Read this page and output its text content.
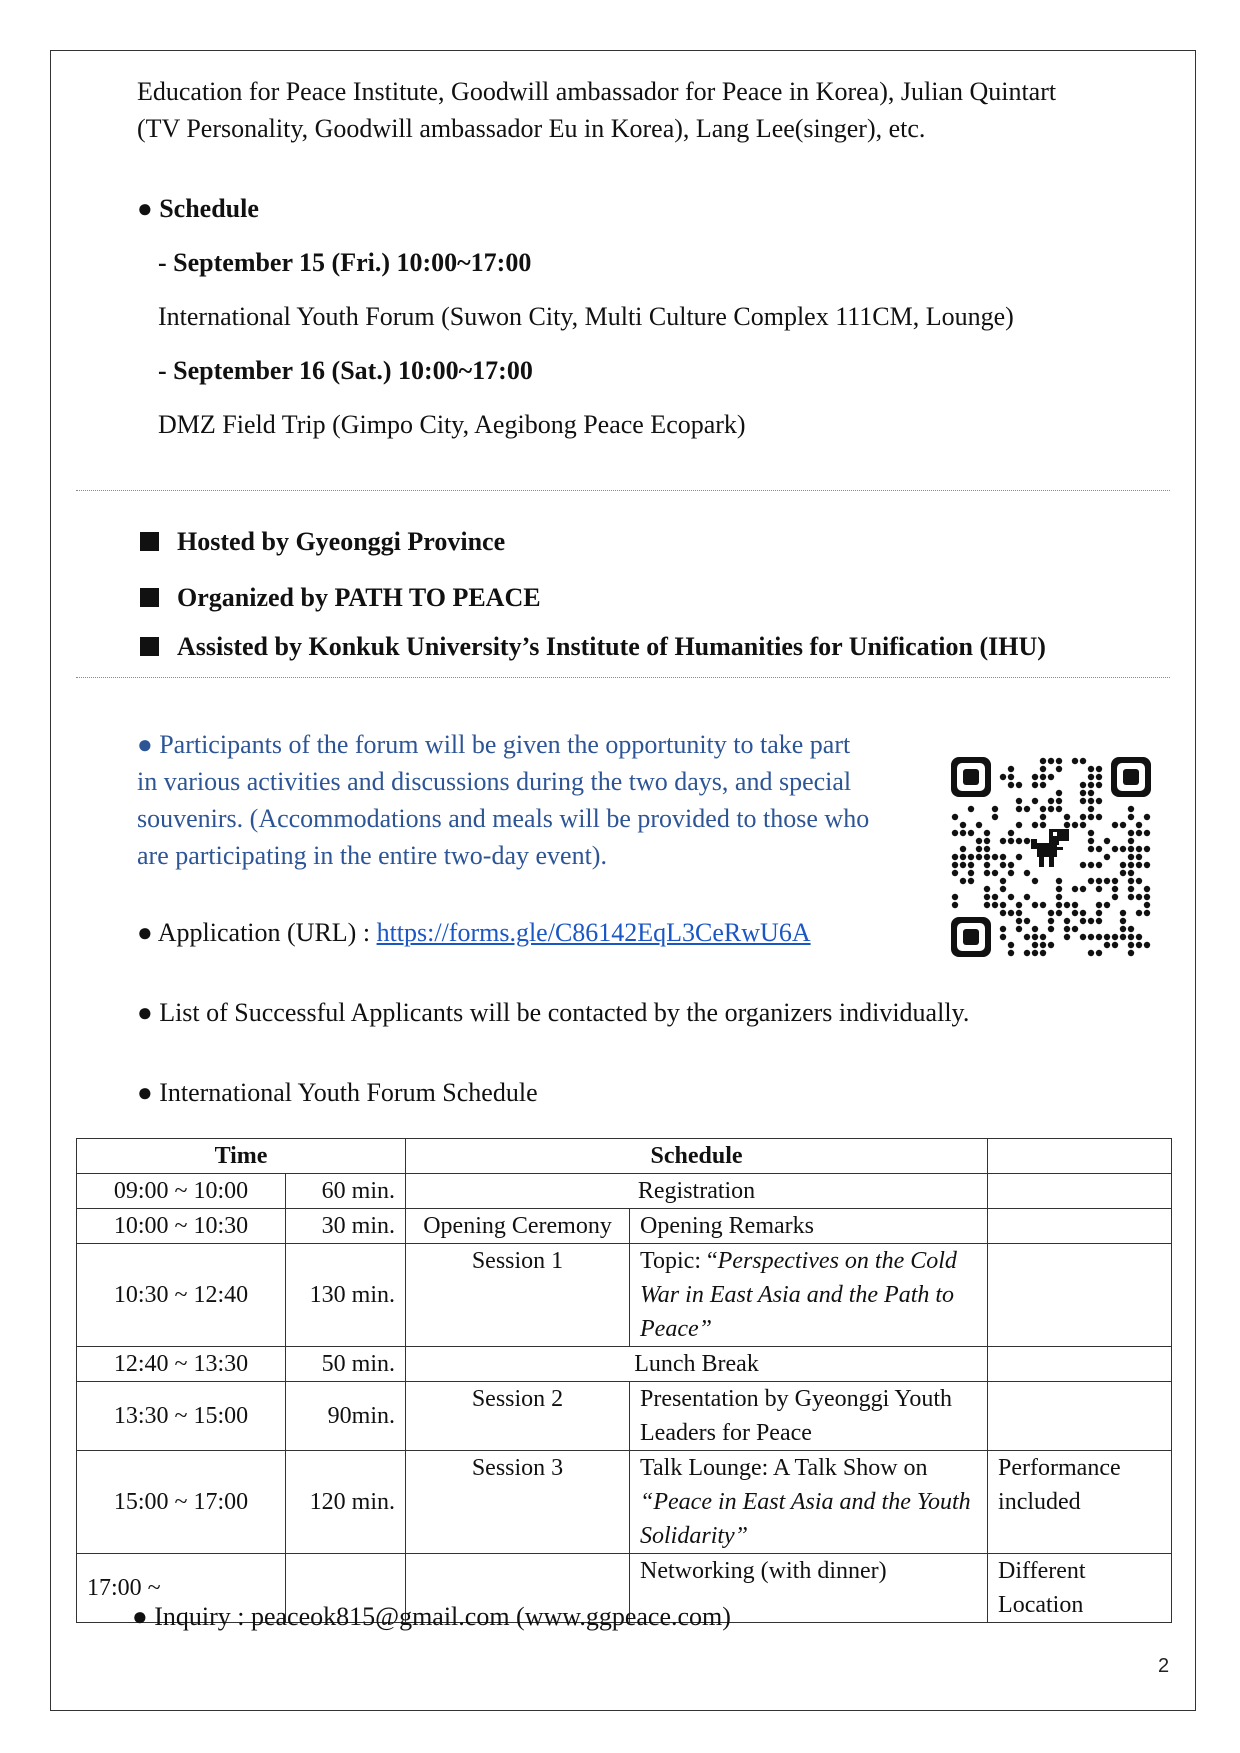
Education for Peace Institute, Goodwill ambassador for Peace in Korea), Julian Quintart
(TV Personality, Goodwill ambassador Eu in Korea), Lang Lee(singer), etc.
● Schedule
- September 15 (Fri.) 10:00~17:00
International Youth Forum (Suwon City, Multi Culture Complex 111CM, Lounge)
- September 16 (Sat.) 10:00~17:00
DMZ Field Trip (Gimpo City, Aegibong Peace Ecopark)
Hosted by Gyeonggi Province
Organized by PATH TO PEACE
Assisted by Konkuk University’s Institute of Humanities for Unification (IHU)
● Participants of the forum will be given the opportunity to take part
in various activities and discussions during the two days, and special
souvenirs. (Accommodations and meals will be provided to those who
are participating in the entire two-day event).
● Application (URL) : https://forms.gle/C86142EqL3CeRwU6A
● List of Successful Applicants will be contacted by the organizers individually.
● International Youth Forum Schedule
Time		Schedule		
09:00 ~ 10:00	60 min.	Registration		
10:00 ~ 10:30	30 min.	Opening Ceremony	Opening Remarks	
10:30 ~ 12:40	130 min.	Session 1	Topic: “Perspectives on the Cold War in East Asia and the Path to Peace”	
12:40 ~ 13:30	50 min.	Lunch Break		
13:30 ~ 15:00	90min.	Session 2	Presentation by Gyeonggi Youth Leaders for Peace	
15:00 ~ 17:00	120 min.	Session 3	Talk Lounge: A Talk Show on “Peace in East Asia and the Youth Solidarity”	Performance included
17:00 ~			Networking (with dinner)	Different Location
● Inquiry : peaceok815@gmail.com (www.ggpeace.com)
2
